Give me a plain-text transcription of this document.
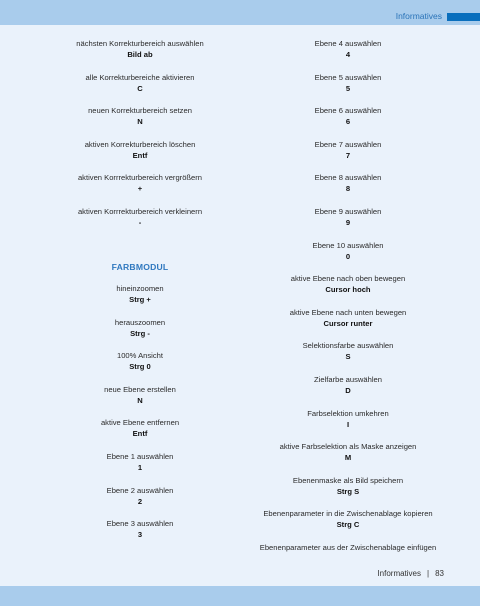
Informatives
nächsten Korrekturbereich auswählen
Bild ab
alle Korrekturbereiche aktivieren
C
neuen Korrekturbereich setzen
N
aktiven Korrekturbereich löschen
Entf
aktiven Korrrekturbereich vergrößern
+
aktiven Korrrekturbereich verkleinern
-
FARBMODUL
hineinzoomen
Strg +
herauszoomen
Strg -
100% Ansicht
Strg 0
neue Ebene erstellen
N
aktive Ebene entfernen
Entf
Ebene 1 auswählen
1
Ebene 2 auswählen
2
Ebene 3 auswählen
3
Ebene 4 auswählen
4
Ebene 5 auswählen
5
Ebene 6 auswählen
6
Ebene 7 auswählen
7
Ebene 8 auswählen
8
Ebene 9 auswählen
9
Ebene 10 auswählen
0
aktive Ebene nach oben bewegen
Cursor hoch
aktive Ebene nach unten bewegen
Cursor runter
Selektionsfarbe auswählen
S
Zielfarbe auswählen
D
Farbselektion umkehren
I
aktive Farbselektion als Maske anzeigen
M
Ebenenmaske als Bild speichern
Strg S
Ebenenparameter in die Zwischenablage kopieren
Strg C
Ebenenparameter aus der Zwischenablage einfügen
Informatives | 83
